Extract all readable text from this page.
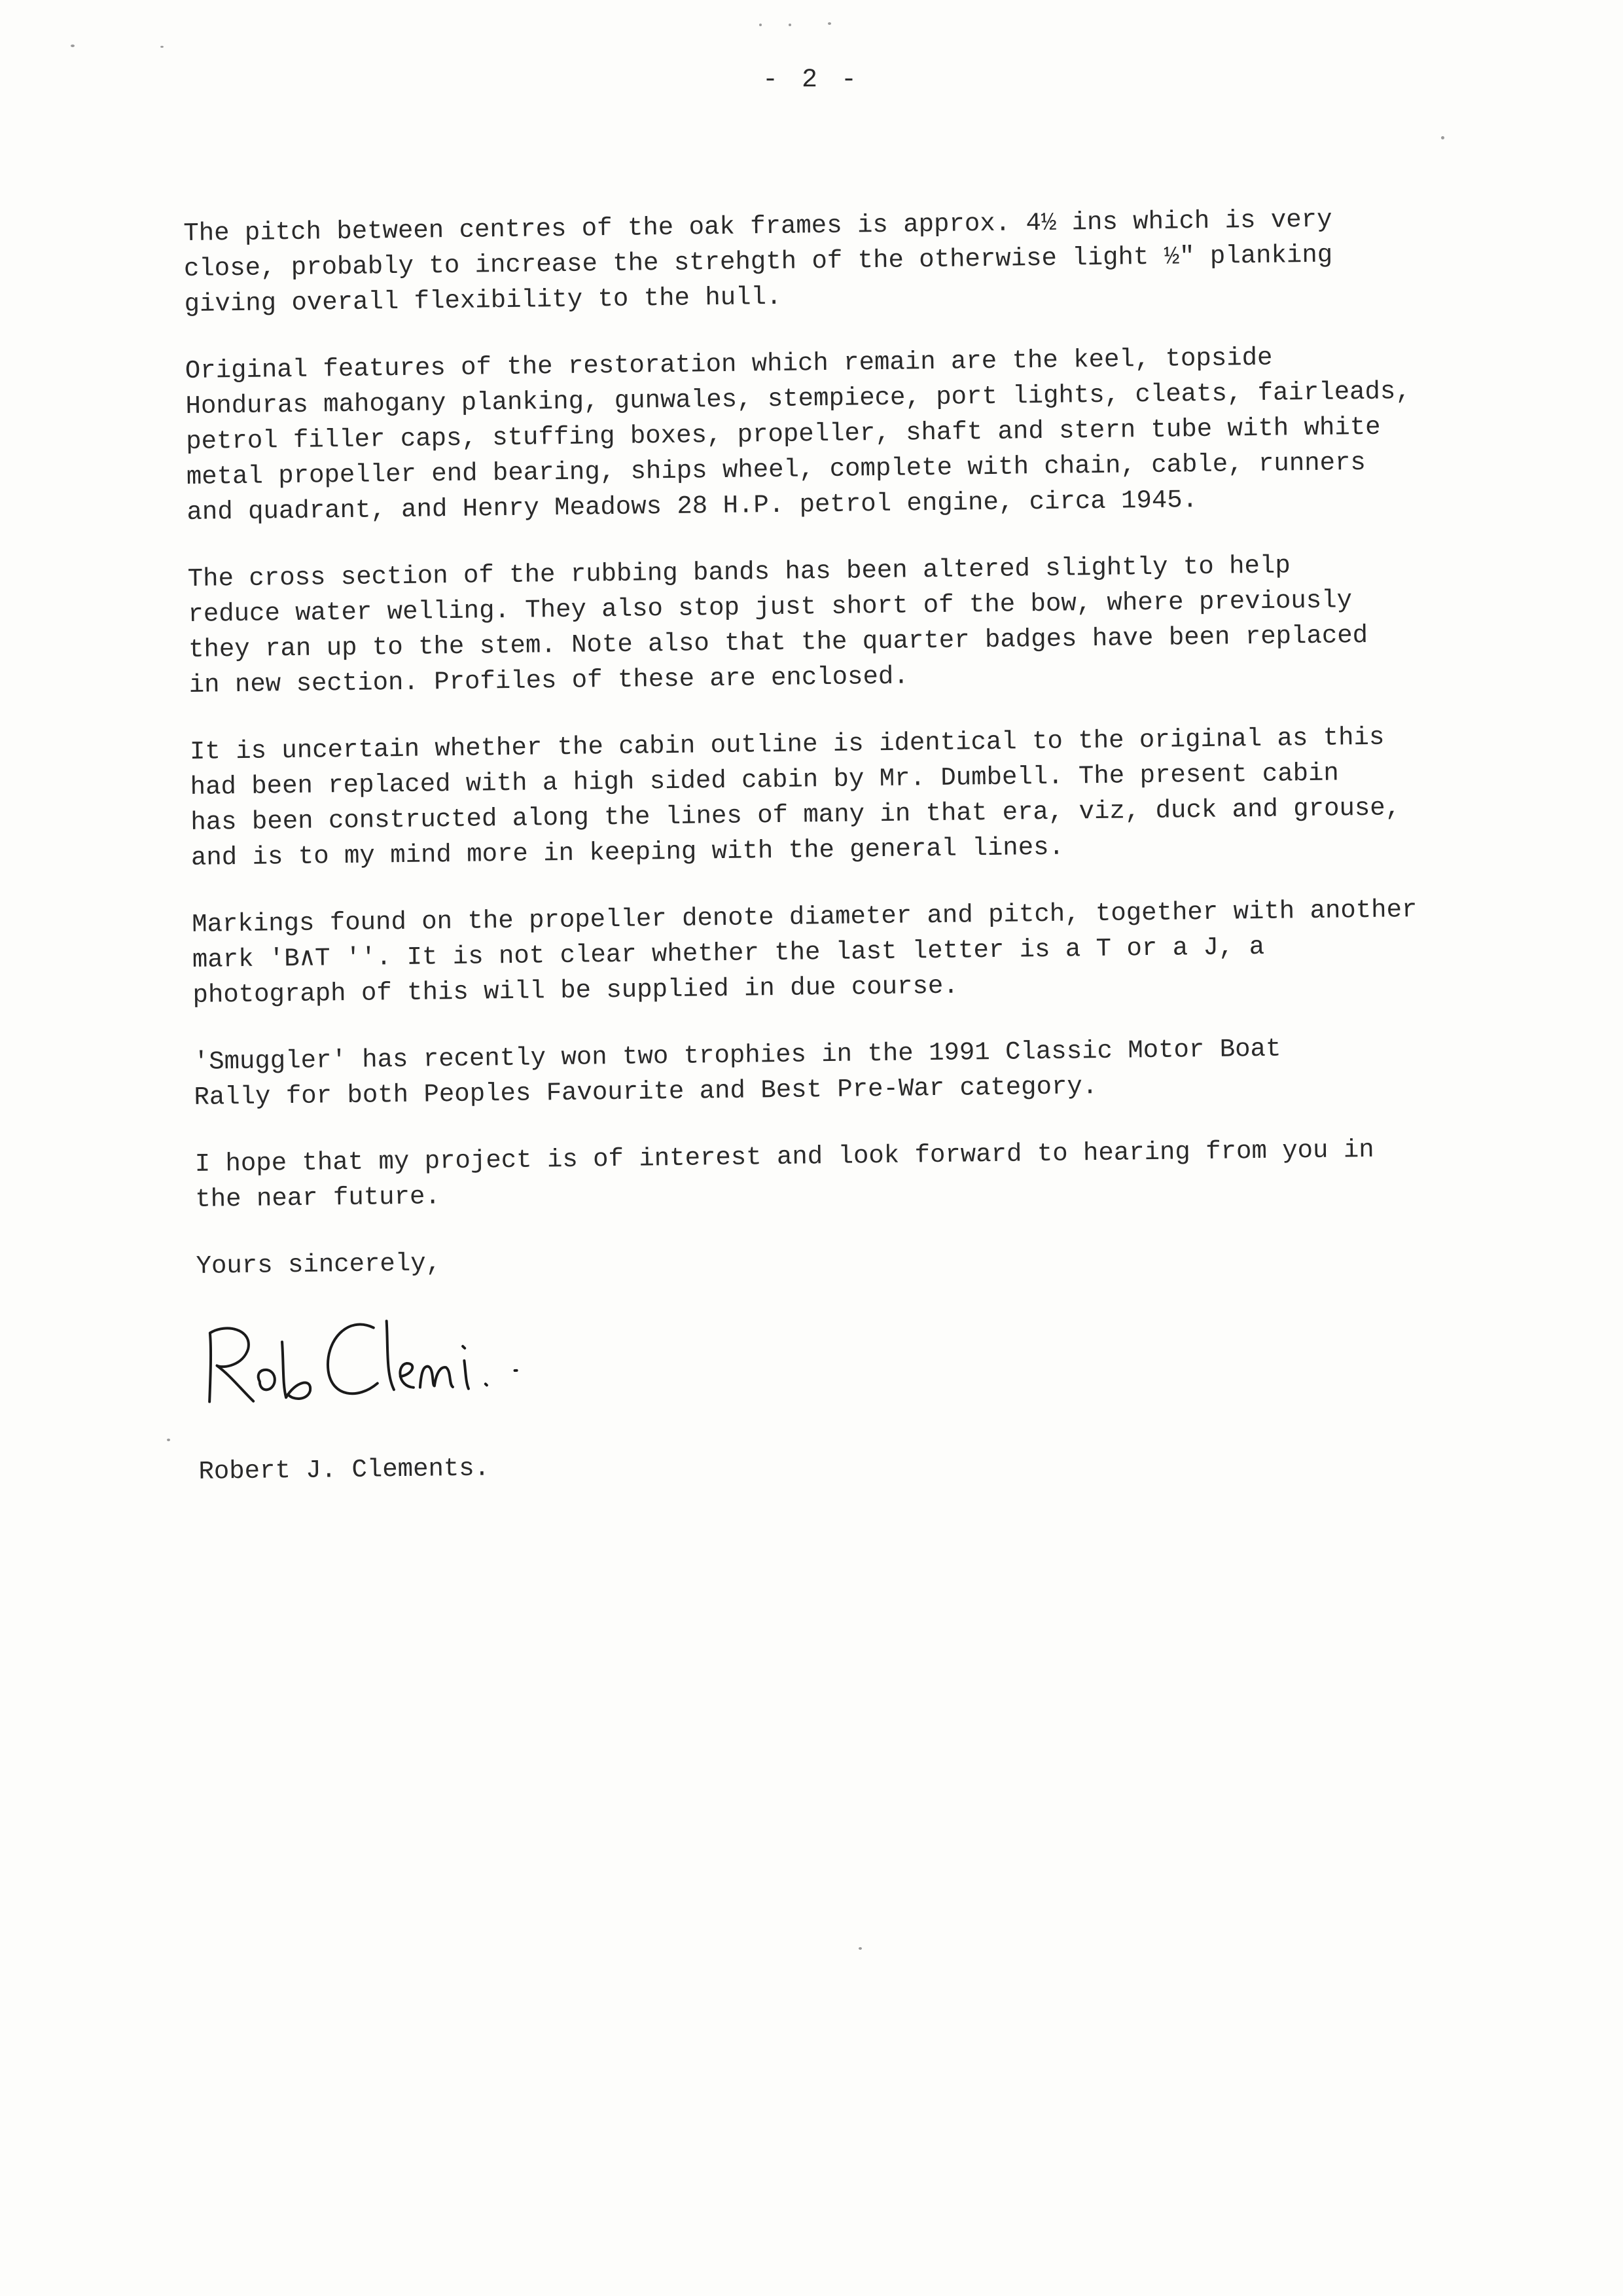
- 2 -

The pitch between centres of the oak frames is approx. 4½ ins which is very
close, probably to increase the strehgth of the otherwise light ½" planking
giving overall flexibility to the hull.

Original features of the restoration which remain are the keel, topside
Honduras mahogany planking, gunwales, stempiece, port lights, cleats, fairleads,
petrol filler caps, stuffing boxes, propeller, shaft and stern tube with white
metal propeller end bearing, ships wheel, complete with chain, cable, runners
and quadrant, and Henry Meadows 28 H.P. petrol engine, circa 1945.

The cross section of the rubbing bands has been altered slightly to help
reduce water welling. They also stop just short of the bow, where previously
they ran up to the stem. Note also that the quarter badges have been replaced
in new section. Profiles of these are enclosed.

It is uncertain whether the cabin outline is identical to the original as this
had been replaced with a high sided cabin by Mr. Dumbell. The present cabin
has been constructed along the lines of many in that era, viz, duck and grouse,
and is to my mind more in keeping with the general lines.

Markings found on the propeller denote diameter and pitch, together with another
mark 'B∧T ''. It is not clear whether the last letter is a T or a J, a
photograph of this will be supplied in due course.

'Smuggler' has recently won two trophies in the 1991 Classic Motor Boat
Rally for both Peoples Favourite and Best Pre-War category.

I hope that my project is of interest and look forward to hearing from you in
the near future.

Yours sincerely,

Robert J. Clements.
